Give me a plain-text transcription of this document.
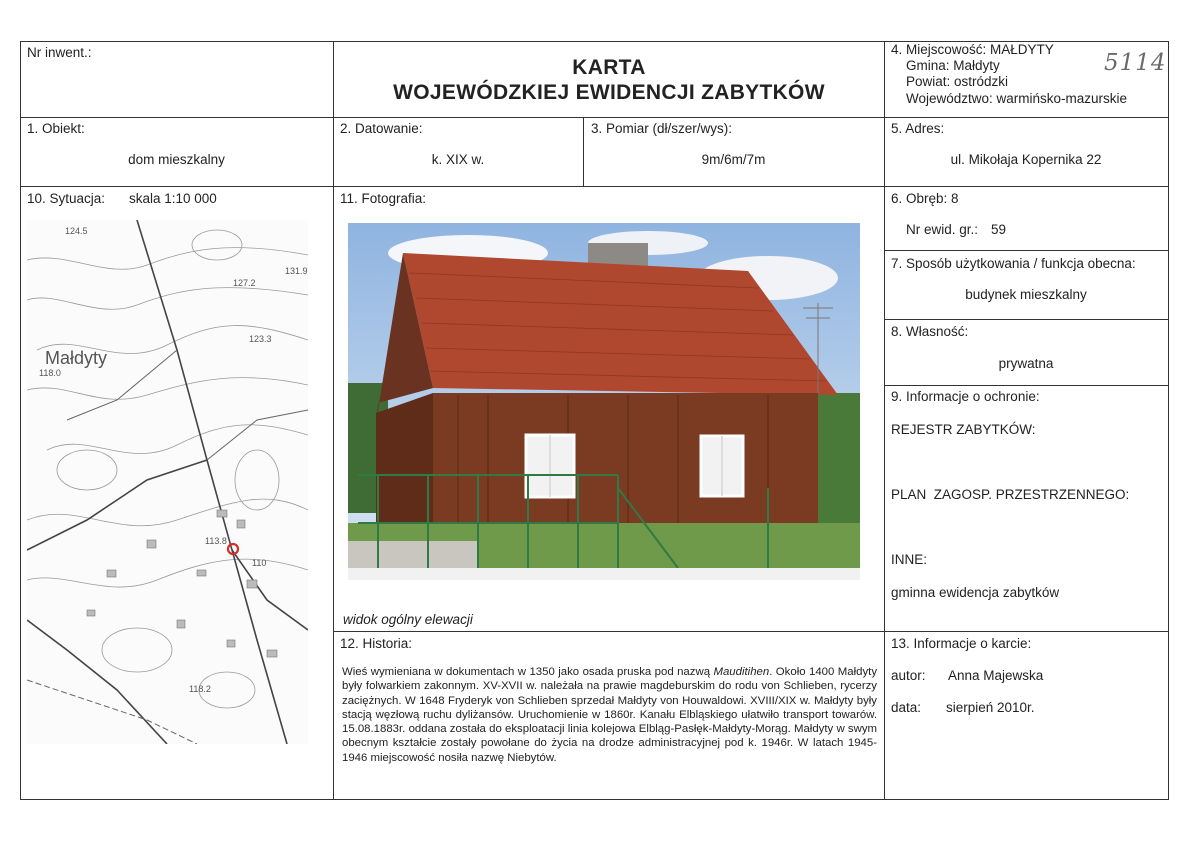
Nr inwent.:
KARTA
WOJEWÓDZKIEJ EWIDENCJI ZABYTKÓW
4. Miejscowość: MAŁDYTY
Gmina: Małdyty
Powiat: ostródzki
Województwo: warmińsko-mazurskie
5114
1. Obiekt:
dom mieszkalny
2. Datowanie:
k. XIX w.
3. Pomiar (dł/szer/wys):
9m/6m/7m
5. Adres:
ul. Mikołaja Kopernika 22
10. Sytuacja: skala 1:10 000
Małdyty
124.5
131.9
127.2
123.3
118.0
113.8
110
118.2
11. Fotografia:
widok ogólny elewacji
6. Obręb: 8
Nr ewid. gr.: 59
7. Sposób użytkowania / funkcja obecna:
budynek mieszkalny
8. Własność:
prywatna
9. Informacje o ochronie:
REJESTR ZABYTKÓW:
PLAN  ZAGOSP. PRZESTRZENNEGO:
INNE:
gminna ewidencja zabytków
12. Historia:
Wieś wymieniana w dokumentach w 1350 jako osada pruska pod nazwą Mauditihen. Około 1400 Małdyty były folwarkiem zakonnym. XV-XVII w. należała na prawie magdeburskim do rodu von Schlieben, rycerzy zaciężnych. W 1648 Fryderyk von Schlieben sprzedał Małdyty von Houwaldowi. XVIII/XIX w. Małdyty były stacją węzłową ruchu dyliżansów. Uruchomienie w 1860r. Kanału Elbląskiego ułatwiło transport towarów. 15.08.1883r. oddana została do eksploatacji linia kolejowa Elbląg-Pasłęk-Małdyty-Morąg. Małdyty w swym obecnym kształcie zostały powołane do życia na drodze administracyjnej pod k. 1946r. W latach 1945-1946 miejscowość nosiła nazwę Niebytów.
13. Informacje o karcie:
autor: Anna Majewska
data: sierpień 2010r.
